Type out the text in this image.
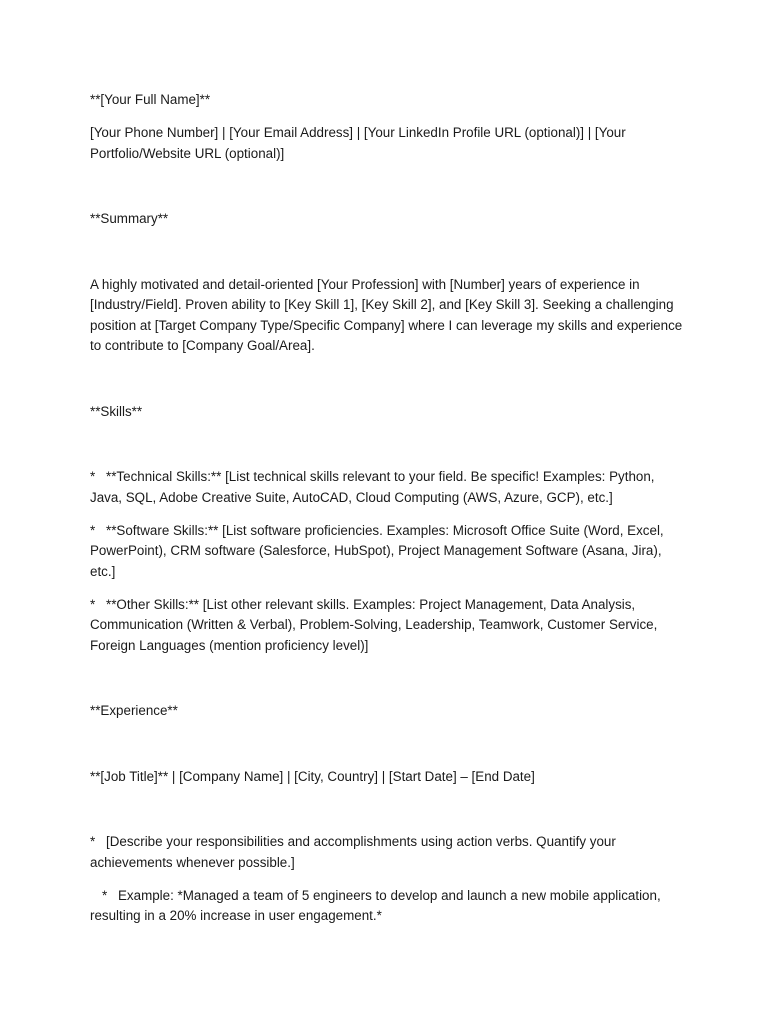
**[Your Full Name]**

[Your Phone Number] | [Your Email Address] | [Your LinkedIn Profile URL (optional)] | [Your Portfolio/Website URL (optional)]

**Summary**

A highly motivated and detail-oriented [Your Profession] with [Number] years of experience in [Industry/Field]. Proven ability to [Key Skill 1], [Key Skill 2], and [Key Skill 3]. Seeking a challenging position at [Target Company Type/Specific Company] where I can leverage my skills and experience to contribute to [Company Goal/Area].

**Skills**

* **Technical Skills:** [List technical skills relevant to your field. Be specific! Examples: Python, Java, SQL, Adobe Creative Suite, AutoCAD, Cloud Computing (AWS, Azure, GCP), etc.]

* **Software Skills:** [List software proficiencies. Examples: Microsoft Office Suite (Word, Excel, PowerPoint), CRM software (Salesforce, HubSpot), Project Management Software (Asana, Jira), etc.]

* **Other Skills:** [List other relevant skills. Examples: Project Management, Data Analysis, Communication (Written & Verbal), Problem-Solving, Leadership, Teamwork, Customer Service, Foreign Languages (mention proficiency level)]

**Experience**

**[Job Title]** | [Company Name] | [City, Country] | [Start Date] – [End Date]

* [Describe your responsibilities and accomplishments using action verbs. Quantify your achievements whenever possible.]

* Example: *Managed a team of 5 engineers to develop and launch a new mobile application, resulting in a 20% increase in user engagement.*
